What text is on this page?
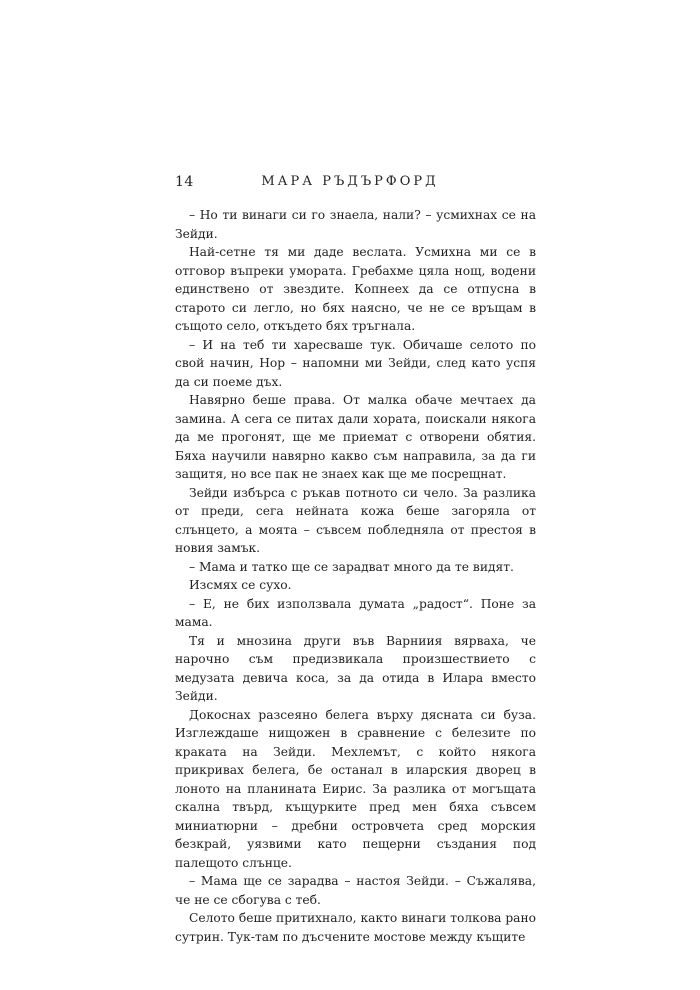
14	МАРА РЪДЪРФОРД

– Но ти винаги си го знаела, нали? – усмихнах се на Зейди.

Най-сетне тя ми даде веслата. Усмихна ми се в отговор въпреки умората. Гребахме цяла нощ, водени единствено от звездите. Копнеех да се отпусна в старото си легло, но бях наясно, че не се връщам в същото село, откъдето бях тръгнала.

– И на теб ти харесваше тук. Обичаше селото по свой начин, Нор – напомни ми Зейди, след като успя да си поеме дъх.

Навярно беше права. От малка обаче мечтаех да замина. А сега се питах дали хората, поискали някога да ме прогонят, ще ме приемат с отворени обятия. Бяха научили навярно какво съм направила, за да ги защитя, но все пак не знаех как ще ме посрещнат.

Зейди избърса с ръкав потното си чело. За разлика от преди, сега нейната кожа беше загоряла от слънцето, а моята – съвсем побледняла от престоя в новия замък.

– Мама и татко ще се зарадват много да те видят.

Изсмях се сухо.

– Е, не бих използвала думата „радост“. Поне за мама.

Тя и мнозина други във Варниия вярваха, че нарочно съм предизвикала произшествието с медузата девича коса, за да отида в Илара вместо Зейди.

Докоснах разсеяно белега върху дясната си буза. Изглеждаше нищожен в сравнение с белезите по краката на Зейди. Мехлемът, с който някога прикривах белега, бе останал в иларския дворец в лоното на планината Еирис. За разлика от могъщата скална твърд, къщурките пред мен бяха съвсем миниатюрни – дребни островчета сред морския безкрай, уязвими като пещерни създания под палещото слънце.

– Мама ще се зарадва – настоя Зейди. – Съжалява, че не се сбогува с теб.

Селото беше притихнало, както винаги толкова рано сутрин. Тук-там по дъсчените мостове между къщите
